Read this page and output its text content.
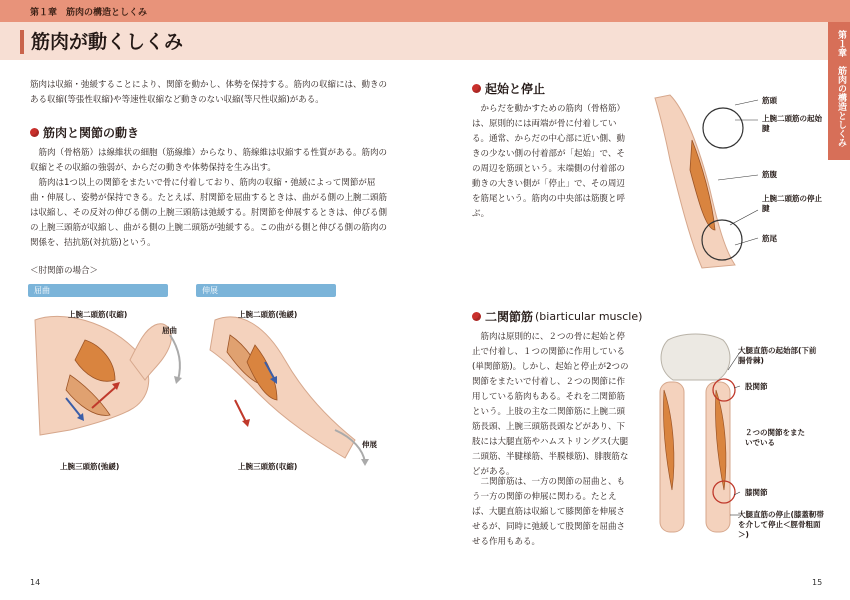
第１章　筋肉の構造としくみ
筋肉が動くしくみ	第１章　筋肉の構造としくみ
筋肉は収縮・弛緩することにより、関節を動かし、体勢を保持する。筋肉の収縮には、動きのある収縮(等張性収縮)や等速性収縮など動きのない収縮(等尺性収縮)がある。
筋肉と関節の動き
筋肉（骨格筋）は線維状の細胞（筋線維）からなり、筋線維は収縮する性質がある。筋肉の収縮とその収縮の強弱が、からだの動きや体勢保持を生み出す。
筋肉は1つ以上の関節をまたいで骨に付着しており、筋肉の収縮・弛緩によって関節が屈曲・伸展し、姿勢が保持できる。たとえば、肘関節を屈曲するときは、曲がる側の上腕二頭筋は収縮し、その反対の伸びる側の上腕三頭筋は弛緩する。肘関節を伸展するときは、伸びる側の上腕三頭筋が収縮し、曲がる側の上腕二頭筋が弛緩する。この曲がる側と伸びる側の筋肉の関係を、拮抗筋(対抗筋)という。
＜肘関節の場合＞
屈曲	伸展
上腕二頭筋(収縮)
上腕三頭筋(弛緩)
屈曲
上腕二頭筋(弛緩)
上腕三頭筋(収縮)
伸展
14
起始と停止
からだを動かすための筋肉（骨格筋）は、原則的には両端が骨に付着している。通常、からだの中心部に近い側、動きの少ない側の付着部が「起始」で、その周辺を筋頭という。末端側の付着部の動きの大きい側が「停止」で、その周辺を筋尾という。筋肉の中央部は筋腹と呼ぶ。
筋頭
上腕二頭筋の起始腱
筋腹
上腕二頭筋の停止腱
筋尾
二関節筋 (biarticular muscle)
筋肉は原則的に、２つの骨に起始と停止で付着し、１つの関節に作用している(単関節筋)。しかし、起始と停止が2つの関節をまたいで付着し、２つの関節に作用している筋肉もある。それを二関節筋という。上肢の主な二関節筋に上腕二頭筋長頭、上腕三頭筋長頭などがあり、下肢には大腿直筋やハムストリングス(大腿二頭筋、半腱様筋、半膜様筋)、腓腹筋などがある。
二関節筋は、一方の関節の屈曲と、もう一方の関節の伸展に関わる。たとえば、大腿直筋は収縮して膝関節を伸展させるが、同時に弛緩して股関節を屈曲させる作用もある。
大腿直筋の起始部(下前腸骨棘)
股関節
２つの関節をまたいでいる
膝関節
大腿直筋の停止(膝蓋靭帯を介して停止＜脛骨粗面＞)
15
